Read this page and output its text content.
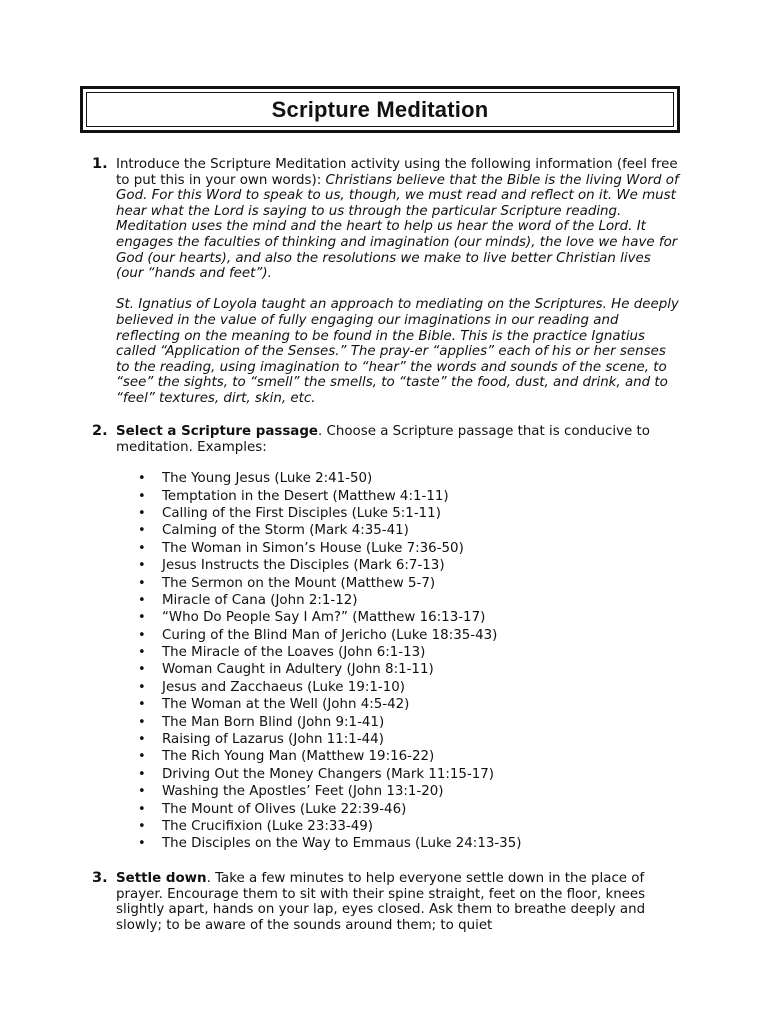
Scripture Meditation
1. Introduce the Scripture Meditation activity using the following information (feel free to put this in your own words): Christians believe that the Bible is the living Word of God. For this Word to speak to us, though, we must read and reflect on it. We must hear what the Lord is saying to us through the particular Scripture reading. Meditation uses the mind and the heart to help us hear the word of the Lord. It engages the faculties of thinking and imagination (our minds), the love we have for God (our hearts), and also the resolutions we make to live better Christian lives (our “hands and feet”).

St. Ignatius of Loyola taught an approach to mediating on the Scriptures. He deeply believed in the value of fully engaging our imaginations in our reading and reflecting on the meaning to be found in the Bible. This is the practice Ignatius called “Application of the Senses.” The pray-er “applies” each of his or her senses to the reading, using imagination to “hear” the words and sounds of the scene, to “see” the sights, to “smell” the smells, to “taste” the food, dust, and drink, and to “feel” textures, dirt, skin, etc.

2. Select a Scripture passage. Choose a Scripture passage that is conducive to meditation. Examples:

• The Young Jesus (Luke 2:41-50)
• Temptation in the Desert (Matthew 4:1-11)
• Calling of the First Disciples (Luke 5:1-11)
• Calming of the Storm (Mark 4:35-41)
• The Woman in Simon’s House (Luke 7:36-50)
• Jesus Instructs the Disciples (Mark 6:7-13)
• The Sermon on the Mount (Matthew 5-7)
• Miracle of Cana (John 2:1-12)
• “Who Do People Say I Am?” (Matthew 16:13-17)
• Curing of the Blind Man of Jericho (Luke 18:35-43)
• The Miracle of the Loaves (John 6:1-13)
• Woman Caught in Adultery (John 8:1-11)
• Jesus and Zacchaeus (Luke 19:1-10)
• The Woman at the Well (John 4:5-42)
• The Man Born Blind (John 9:1-41)
• Raising of Lazarus (John 11:1-44)
• The Rich Young Man (Matthew 19:16-22)
• Driving Out the Money Changers (Mark 11:15-17)
• Washing the Apostles’ Feet (John 13:1-20)
• The Mount of Olives (Luke 22:39-46)
• The Crucifixion (Luke 23:33-49)
• The Disciples on the Way to Emmaus (Luke 24:13-35)
3. Settle down. Take a few minutes to help everyone settle down in the place of prayer. Encourage them to sit with their spine straight, feet on the floor, knees slightly apart, hands on your lap, eyes closed. Ask them to breathe deeply and slowly; to be aware of the sounds around them; to quiet
